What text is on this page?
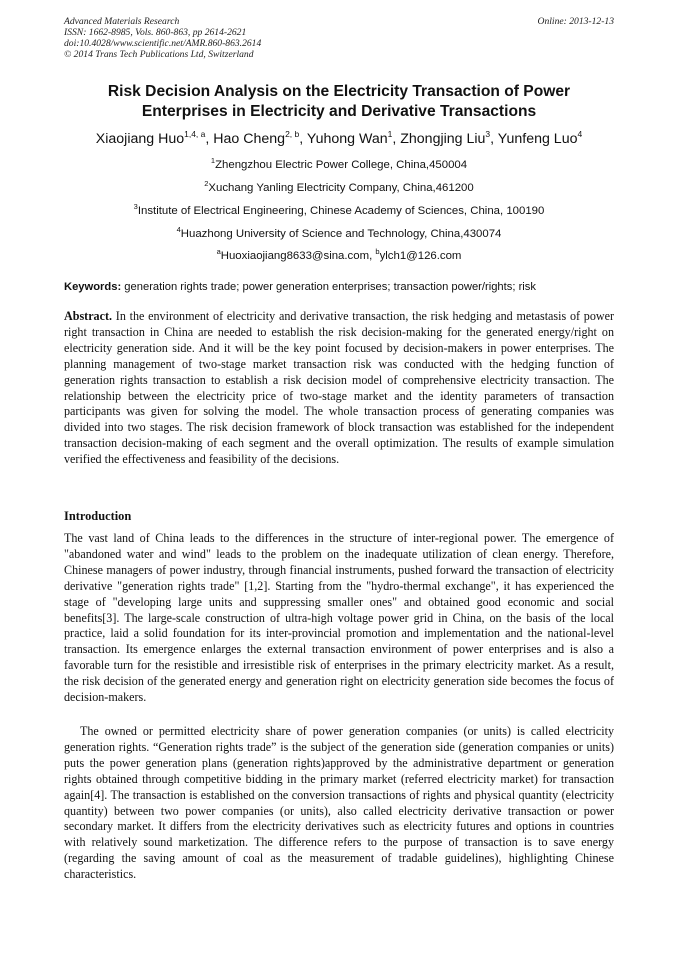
Advanced Materials Research
ISSN: 1662-8985, Vols. 860-863, pp 2614-2621
doi:10.4028/www.scientific.net/AMR.860-863.2614
© 2014 Trans Tech Publications Ltd, Switzerland
Online: 2013-12-13
Risk Decision Analysis on the Electricity Transaction of Power Enterprises in Electricity and Derivative Transactions
Xiaojiang Huo$^{1,4, a}$, Hao Cheng$^{2, b}$, Yuhong Wan$^1$, Zhongjing Liu$^3$, Yunfeng Luo$^4$
$^1$Zhengzhou Electric Power College, China,450004
$^2$Xuchang Yanling Electricity Company, China,461200
$^3$Institute of Electrical Engineering, Chinese Academy of Sciences, China, 100190
$^4$Huazhong University of Science and Technology, China,430074
$^a$Huoxiaojiang8633@sina.com, $^b$ylch1@126.com
Keywords: generation rights trade; power generation enterprises; transaction power/rights; risk
Abstract. In the environment of electricity and derivative transaction, the risk hedging and metastasis of power right transaction in China are needed to establish the risk decision-making for the generated energy/right on electricity generation side. And it will be the key point focused by decision-makers in power enterprises. The planning management of two-stage market transaction risk was conducted with the hedging function of generation rights transaction to establish a risk decision model of comprehensive electricity transaction. The relationship between the electricity price of two-stage market and the identity parameters of transaction participants was given for solving the model. The whole transaction process of generating companies was divided into two stages. The risk decision framework of block transaction was established for the independent transaction decision-making of each segment and the overall optimization. The results of example simulation verified the effectiveness and feasibility of the decisions.
Introduction
The vast land of China leads to the differences in the structure of inter-regional power. The emergence of "abandoned water and wind" leads to the problem on the inadequate utilization of clean energy. Therefore, Chinese managers of power industry, through financial instruments, pushed forward the transaction of electricity derivative "generation rights trade" [1,2]. Starting from the "hydro-thermal exchange", it has experienced the stage of "developing large units and suppressing smaller ones" and obtained good economic and social benefits[3]. The large-scale construction of ultra-high voltage power grid in China, on the basis of the local practice, laid a solid foundation for its inter-provincial promotion and implementation and the national-level transaction. Its emergence enlarges the external transaction environment of power enterprises and is also a favorable turn for the resistible and irresistible risk of enterprises in the primary electricity market. As a result, the risk decision of the generated energy and generation right on electricity generation side becomes the focus of decision-makers.
The owned or permitted electricity share of power generation companies (or units) is called electricity generation rights. “Generation rights trade” is the subject of the generation side (generation companies or units) puts the power generation plans (generation rights)approved by the administrative department or generation rights obtained through competitive bidding in the primary market (referred electricity market) for transaction again[4]. The transaction is established on the conversion transactions of rights and physical quantity (electricity quantity) between two power companies (or units), also called electricity derivative transaction or power secondary market. It differs from the electricity derivatives such as electricity futures and options in countries with relatively sound marketization. The difference refers to the purpose of transaction is to save energy (regarding the saving amount of coal as the measurement of tradable guidelines), highlighting Chinese characteristics.
